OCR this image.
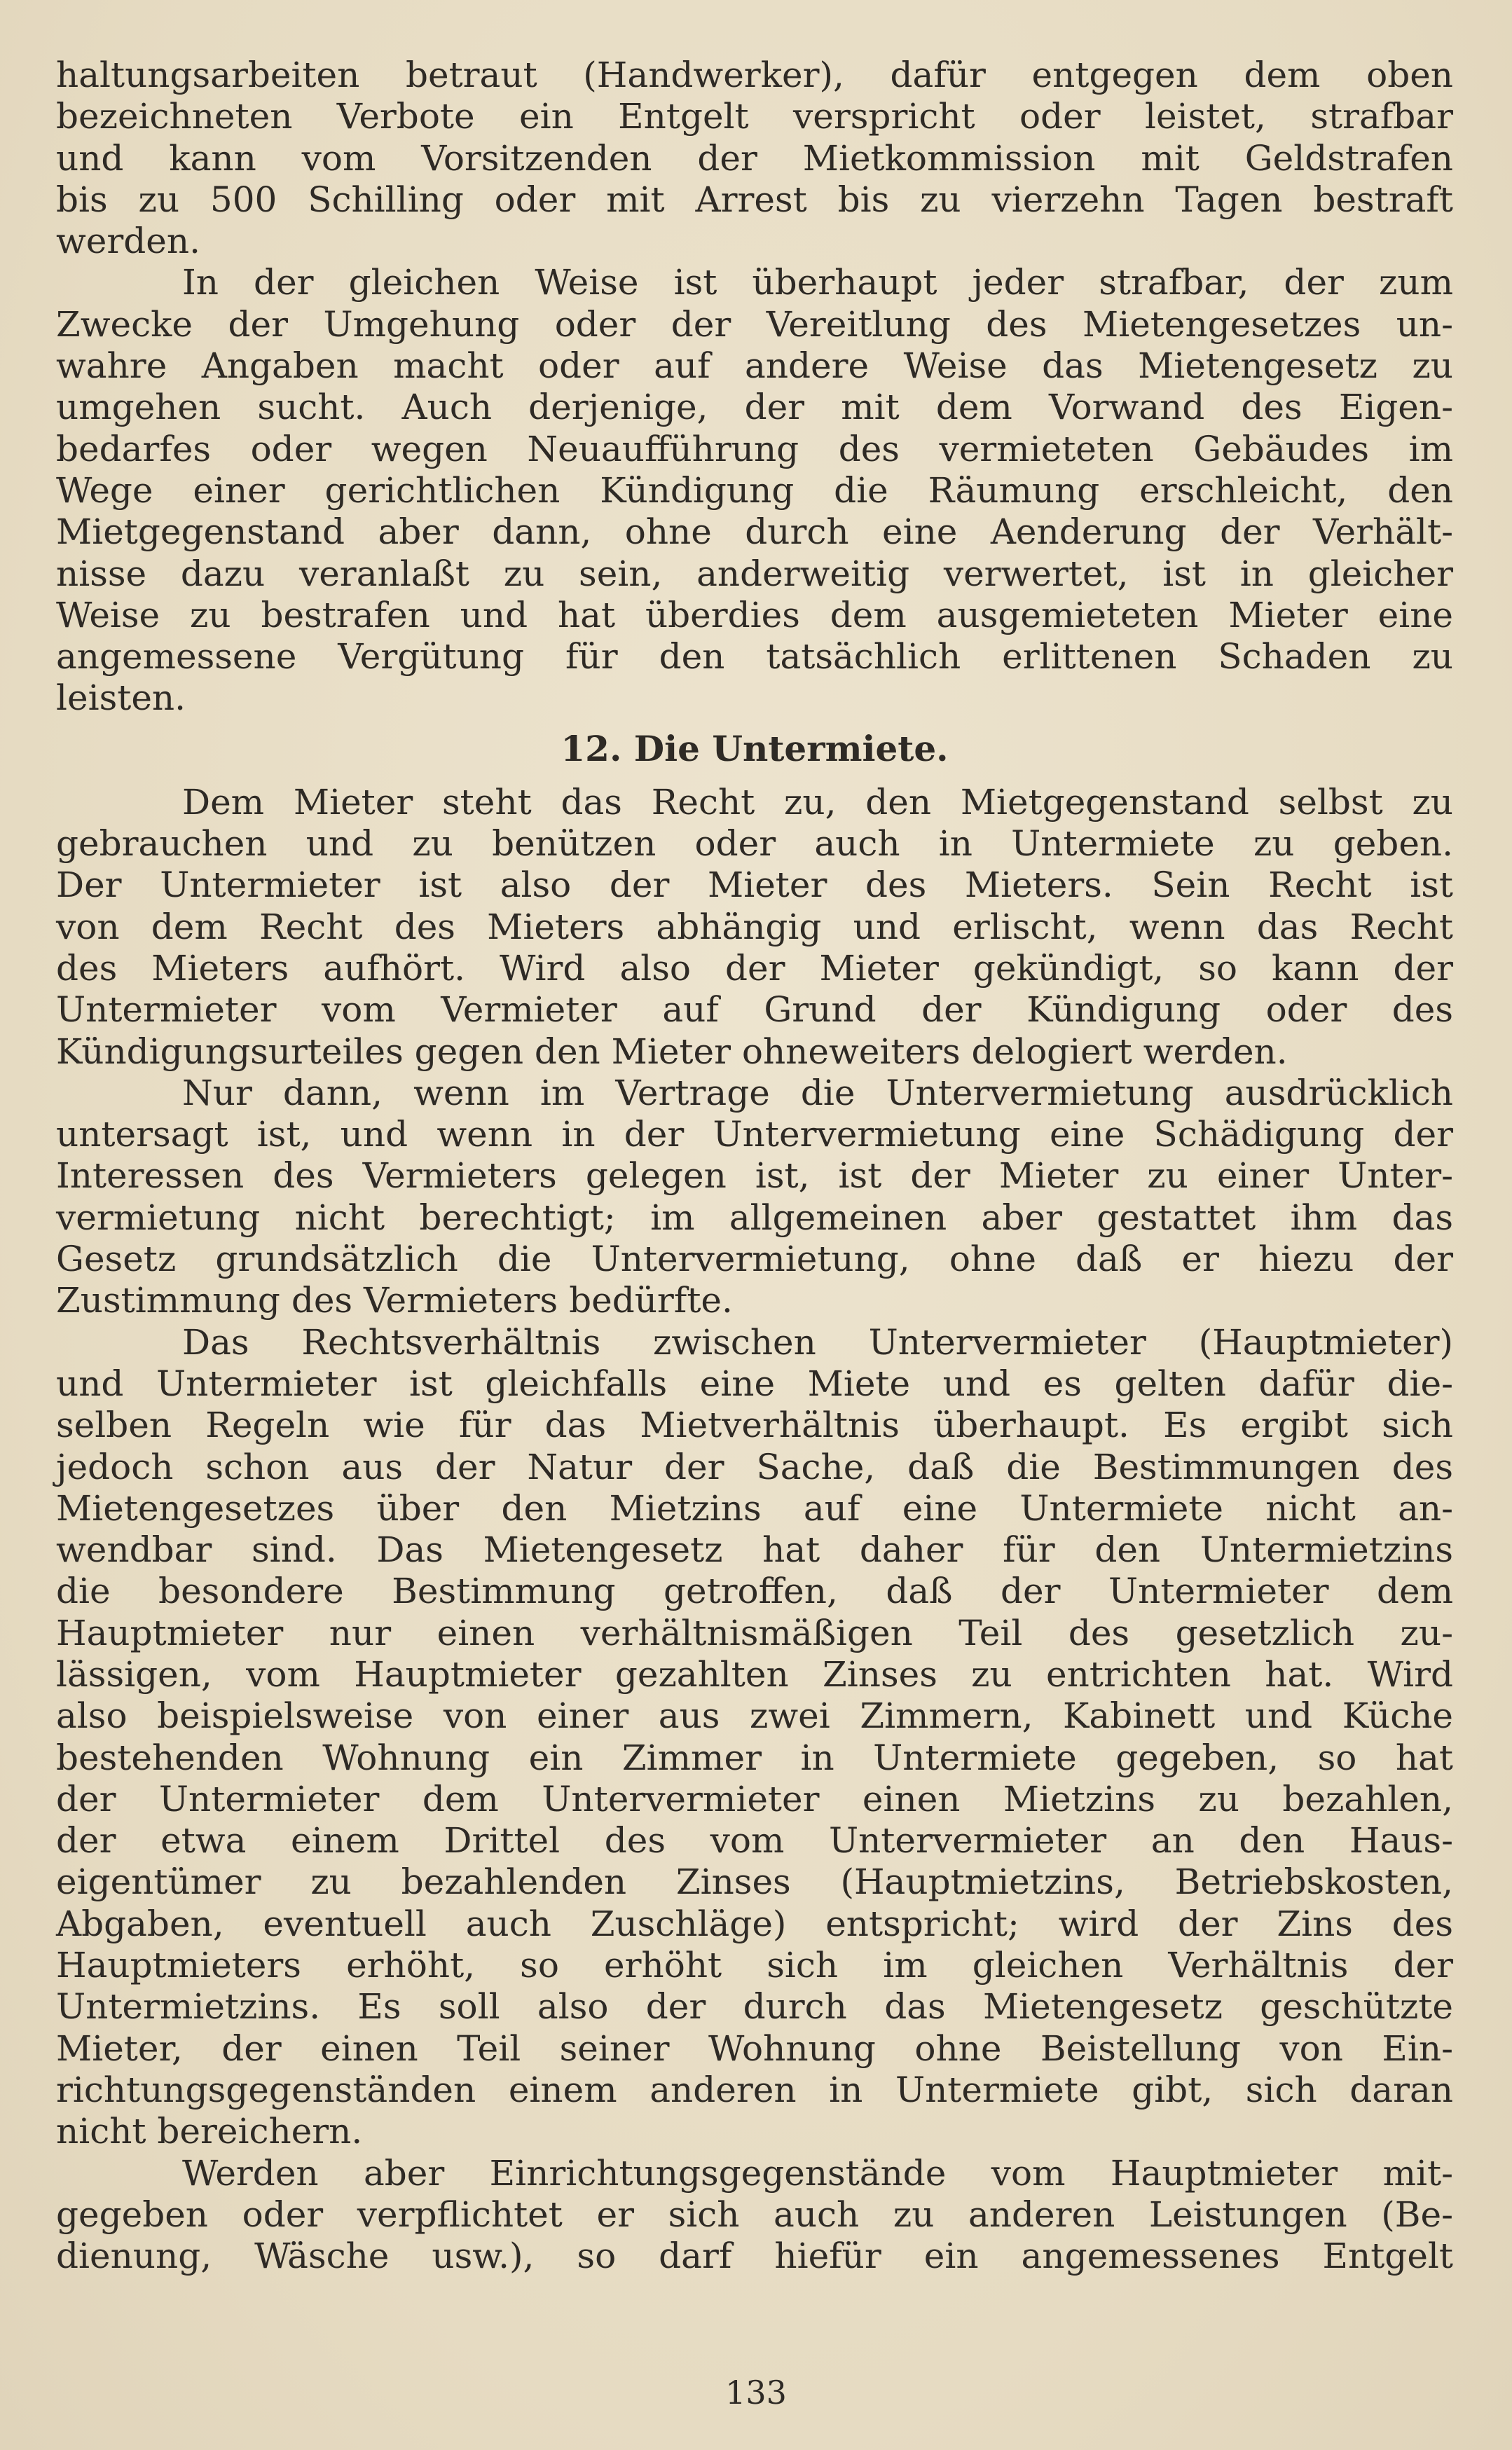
haltungsarbeiten betraut (Handwerker), dafür entgegen dem oben
bezeichneten Verbote ein Entgelt verspricht oder leistet, strafbar
und kann vom Vorsitzenden der Mietkommission mit Geldstrafen
bis zu 500 Schilling oder mit Arrest bis zu vierzehn Tagen bestraft
werden.
In der gleichen Weise ist überhaupt jeder strafbar, der zum
Zwecke der Umgehung oder der Vereitlung des Mietengesetzes un-
wahre Angaben macht oder auf andere Weise das Mietengesetz zu
umgehen sucht. Auch derjenige, der mit dem Vorwand des Eigen-
bedarfes oder wegen Neuaufführung des vermieteten Gebäudes im
Wege einer gerichtlichen Kündigung die Räumung erschleicht, den
Mietgegenstand aber dann, ohne durch eine Aenderung der Verhält-
nisse dazu veranlaßt zu sein, anderweitig verwertet, ist in gleicher
Weise zu bestrafen und hat überdies dem ausgemieteten Mieter eine
angemessene Vergütung für den tatsächlich erlittenen Schaden zu
leisten.
12. Die Untermiete.
Dem Mieter steht das Recht zu, den Mietgegenstand selbst zu
gebrauchen und zu benützen oder auch in Untermiete zu geben.
Der Untermieter ist also der Mieter des Mieters. Sein Recht ist
von dem Recht des Mieters abhängig und erlischt, wenn das Recht
des Mieters aufhört. Wird also der Mieter gekündigt, so kann der
Untermieter vom Vermieter auf Grund der Kündigung oder des
Kündigungsurteiles gegen den Mieter ohneweiters delogiert werden.
Nur dann, wenn im Vertrage die Untervermietung ausdrücklich
untersagt ist, und wenn in der Untervermietung eine Schädigung der
Interessen des Vermieters gelegen ist, ist der Mieter zu einer Unter-
vermietung nicht berechtigt; im allgemeinen aber gestattet ihm das
Gesetz grundsätzlich die Untervermietung, ohne daß er hiezu der
Zustimmung des Vermieters bedürfte.
Das Rechtsverhältnis zwischen Untervermieter (Hauptmieter)
und Untermieter ist gleichfalls eine Miete und es gelten dafür die-
selben Regeln wie für das Mietverhältnis überhaupt. Es ergibt sich
jedoch schon aus der Natur der Sache, daß die Bestimmungen des
Mietengesetzes über den Mietzins auf eine Untermiete nicht an-
wendbar sind. Das Mietengesetz hat daher für den Untermietzins
die besondere Bestimmung getroffen, daß der Untermieter dem
Hauptmieter nur einen verhältnismäßigen Teil des gesetzlich zu-
lässigen, vom Hauptmieter gezahlten Zinses zu entrichten hat. Wird
also beispielsweise von einer aus zwei Zimmern, Kabinett und Küche
bestehenden Wohnung ein Zimmer in Untermiete gegeben, so hat
der Untermieter dem Untervermieter einen Mietzins zu bezahlen,
der etwa einem Drittel des vom Untervermieter an den Haus-
eigentümer zu bezahlenden Zinses (Hauptmietzins, Betriebskosten,
Abgaben, eventuell auch Zuschläge) entspricht; wird der Zins des
Hauptmieters erhöht, so erhöht sich im gleichen Verhältnis der
Untermietzins. Es soll also der durch das Mietengesetz geschützte
Mieter, der einen Teil seiner Wohnung ohne Beistellung von Ein-
richtungsgegenständen einem anderen in Untermiete gibt, sich daran
nicht bereichern.
Werden aber Einrichtungsgegenstände vom Hauptmieter mit-
gegeben oder verpflichtet er sich auch zu anderen Leistungen (Be-
dienung, Wäsche usw.), so darf hiefür ein angemessenes Entgelt
133
